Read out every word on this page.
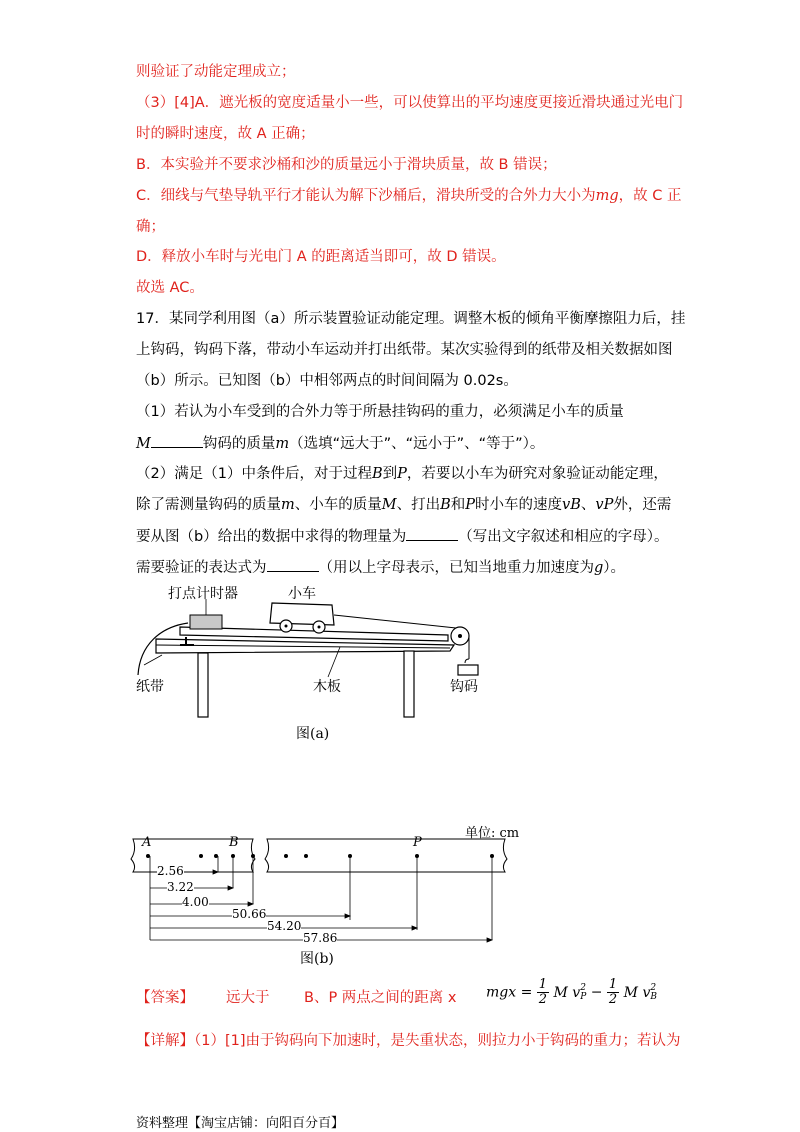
则验证了动能定理成立；
（3）[4]A．遮光板的宽度适量小一些，可以使算出的平均速度更接近滑块通过光电门
时的瞬时速度，故 A 正确；
B．本实验并不要求沙桶和沙的质量远小于滑块质量，故 B 错误；
C．细线与气垫导轨平行才能认为解下沙桶后，滑块所受的合外力大小为mg，故 C 正
确；
D．释放小车时与光电门 A 的距离适当即可，故 D 错误。
故选 AC。
17．某同学利用图（a）所示装置验证动能定理。调整木板的倾角平衡摩擦阻力后，挂
上钩码，钩码下落，带动小车运动并打出纸带。某次实验得到的纸带及相关数据如图
（b）所示。已知图（b）中相邻两点的时间间隔为 0.02s。
（1）若认为小车受到的合外力等于所悬挂钩码的重力，必须满足小车的质量
M	钩码的质量m（选填“远大于”、“远小于”、“等于”）。
（2）满足（1）中条件后，对于过程B到P，若要以小车为研究对象验证动能定理，
除了需测量钩码的质量m、小车的质量M、打出B和P时小车的速度vB、vP外，还需
要从图（b）给出的数据中求得的物理量为	（写出文字叙述和相应的字母）。
需要验证的表达式为	（用以上字母表示，已知当地重力加速度为g）。
打点计时器	小车
纸带	木板	钩码
图(a)
单位: cm
A	B	P
2.56
3.22
4.00
50.66
54.20
57.86
图(b)
【答案】 远大于 B、P 两点之间的距离 x mgx = $\frac{1}{2}$ M v 2
$P - \frac{1}{2}$ M v 2
B
【详解】（1）[1]由于钩码向下加速时，是失重状态，则拉力小于钩码的重力；若认为
资料整理【淘宝店铺：向阳百分百】
